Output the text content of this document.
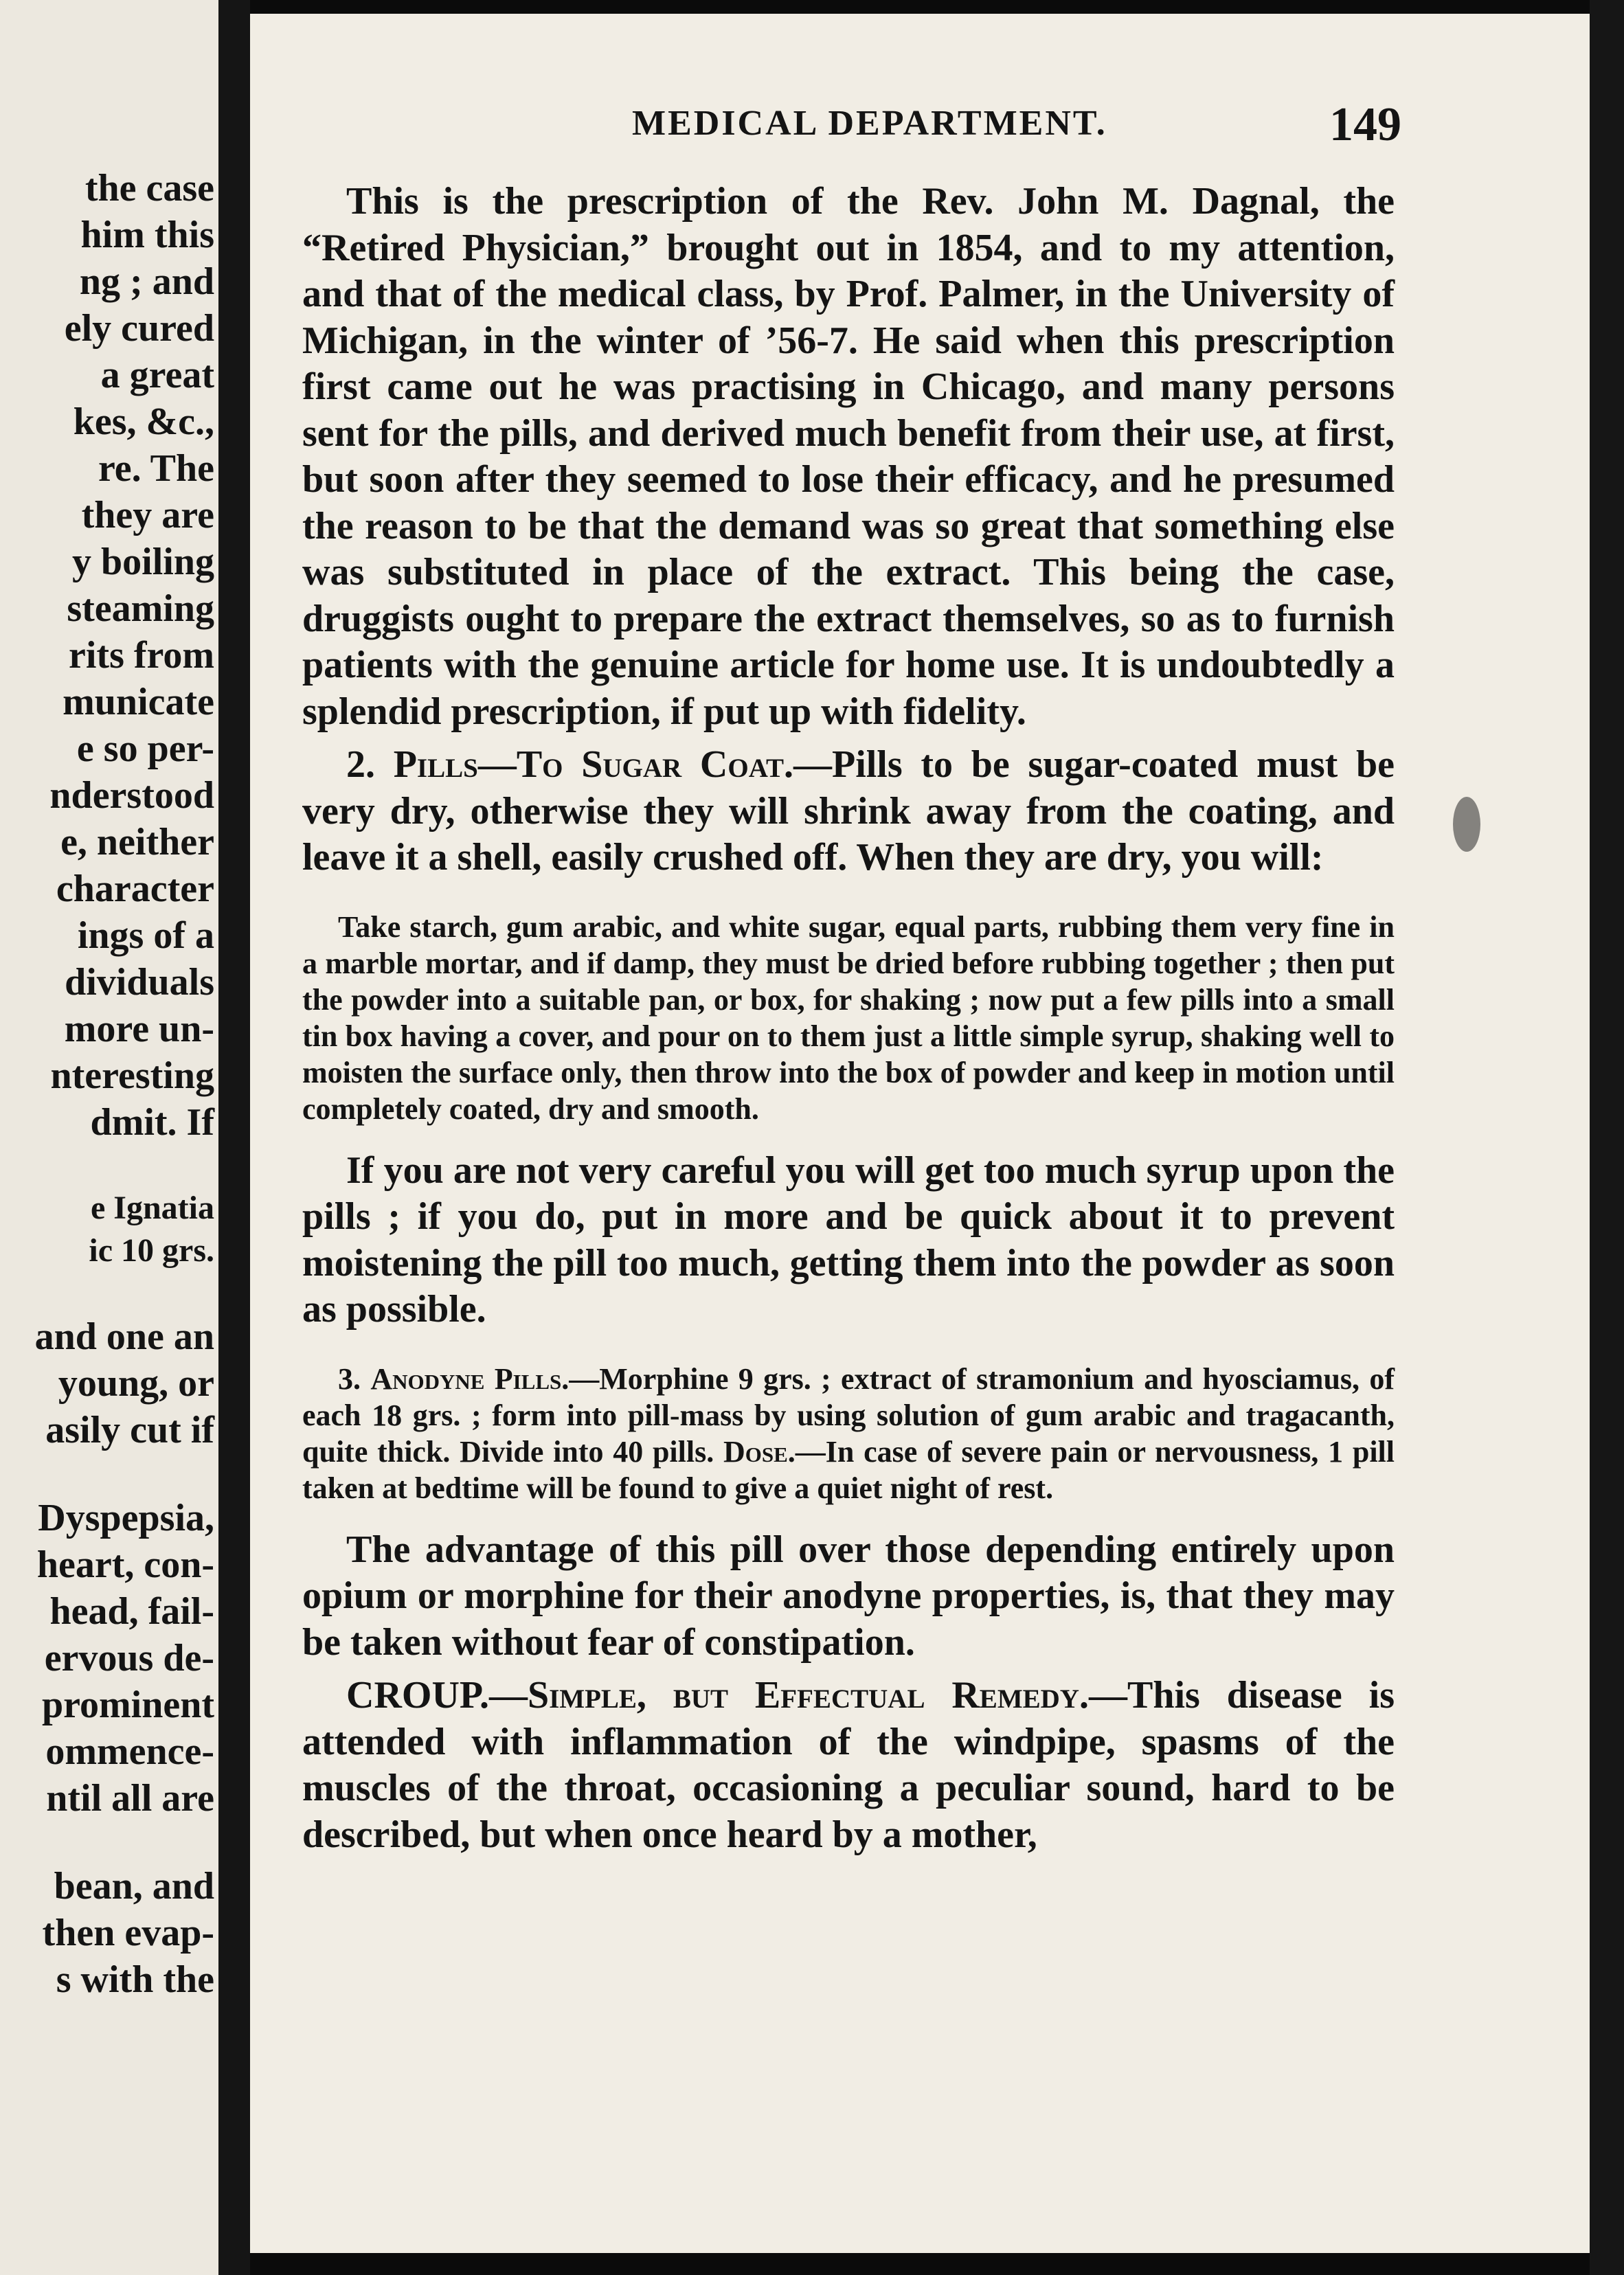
the case
him this
ng ; and
ely cured
a great
kes, &c.,
re. The
they are
y boiling
steaming
rits from
municate
e so per-
nderstood
e, neither
character
ings of a
dividuals
more un-
nteresting
dmit. If
e Ignatia
ic 10 grs.
and one an
young, or
asily cut if
Dyspepsia,
heart, con-
head, fail-
ervous de-
prominent
ommence-
ntil all are
bean, and
then evap-
s with the
MEDICAL DEPARTMENT.	149

This is the prescription of the Rev. John M. Dagnal, the “Retired Physician,” brought out in 1854, and to my attention, and that of the medical class, by Prof. Palmer, in the University of Michigan, in the winter of ’56-7. He said when this prescription first came out he was practising in Chicago, and many persons sent for the pills, and derived much benefit from their use, at first, but soon after they seemed to lose their efficacy, and he presumed the reason to be that the demand was so great that something else was substituted in place of the extract. This being the case, druggists ought to prepare the extract themselves, so as to furnish patients with the genuine article for home use. It is undoubtedly a splendid prescription, if put up with fidelity.

2. Pills—To Sugar Coat.—Pills to be sugar-coated must be very dry, otherwise they will shrink away from the coating, and leave it a shell, easily crushed off. When they are dry, you will:

Take starch, gum arabic, and white sugar, equal parts, rubbing them very fine in a marble mortar, and if damp, they must be dried before rubbing together ; then put the powder into a suitable pan, or box, for shaking ; now put a few pills into a small tin box having a cover, and pour on to them just a little simple syrup, shaking well to moisten the surface only, then throw into the box of powder and keep in motion until completely coated, dry and smooth.

If you are not very careful you will get too much syrup upon the pills ; if you do, put in more and be quick about it to prevent moistening the pill too much, getting them into the powder as soon as possible.

3. Anodyne Pills.—Morphine 9 grs. ; extract of stramonium and hyosciamus, of each 18 grs. ; form into pill-mass by using solution of gum arabic and tragacanth, quite thick. Divide into 40 pills. Dose.—In case of severe pain or nervousness, 1 pill taken at bedtime will be found to give a quiet night of rest.

The advantage of this pill over those depending entirely upon opium or morphine for their anodyne properties, is, that they may be taken without fear of constipation.

CROUP.—Simple, but Effectual Remedy.—This disease is attended with inflammation of the windpipe, spasms of the muscles of the throat, occasioning a peculiar sound, hard to be described, but when once heard by a mother,
